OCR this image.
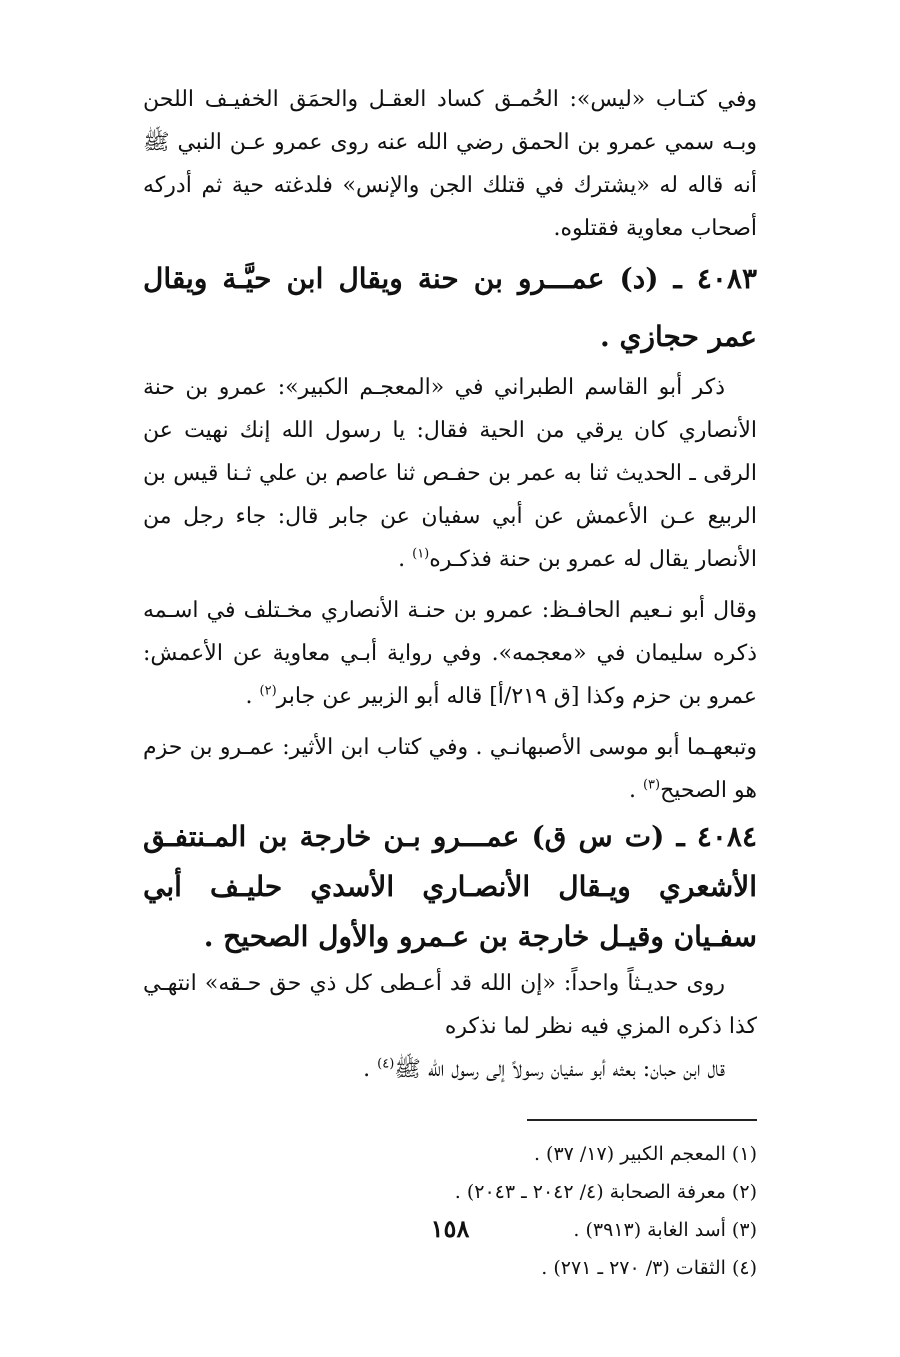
وفي كتـاب «ليس»: الحُمـق كساد العقـل والحمَق الخفيـف اللحن وبـه سمي عمرو بن الحمق رضي الله عنه روى عمرو عـن النبي ﷺ أنه قاله له «يشترك في قتلك الجن والإنس» فلدغته حية ثم أدركه أصحاب معاوية فقتلوه.

٤٠٨٣ ـ (د) عمـــرو بن حنة ويقال ابن حيَّـة ويقال عمر حجازي .

ذكر أبو القاسم الطبراني في «المعجـم الكبير»: عمرو بن حنة الأنصاري كان يرقي من الحية فقال: يا رسول الله إنك نهيت عن الرقى ـ الحديث ثنا به عمر بن حفـص ثنا عاصم بن علي ثـنا قيس بن الربيع عـن الأعمش عن أبي سفيان عن جابر قال: جاء رجل من الأنصار يقال له عمرو بن حنة فذكـره$^{(١)}$ .

وقال أبو نـعيم الحافـظ: عمرو بن حنـة الأنصاري مخـتلف في اسـمه ذكره سليمان في «معجمه». وفي رواية أبـي معاوية عن الأعمش: عمرو بن حزم وكذا [ق ٢١٩/أ] قاله أبو الزبير عن جابر$^{(٢)}$ .

وتبعهـما أبو موسى الأصبهانـي . وفي كتاب ابن الأثير: عمـرو بن حزم هو الصحيح$^{(٣)}$ .

٤٠٨٤ ـ (ت س ق) عمـــرو بـن خارجة بن المـنتفـق الأشعري ويـقال الأنصـاري الأسدي حليـف أبي سفـيان وقيـل خارجة بن عـمرو والأول الصحيح .

روى حديـثاً واحداً: «إن الله قد أعـطى كل ذي حق حـقه» انتهـي كذا ذكره المزي فيه نظر لما نذكره

قال ابن حبان: بعثه أبو سفيان رسولاً إلى رسول الله ﷺ$^{(٤)}$ .

(١) المعجم الكبير (١٧/ ٣٧) .

(٢) معرفة الصحابة (٤/ ٢٠٤٢ ـ ٢٠٤٣) .

(٣) أسد الغابة (٣٩١٣) .

(٤) الثقات (٣/ ٢٧٠ ـ ٢٧١) .

١٥٨
